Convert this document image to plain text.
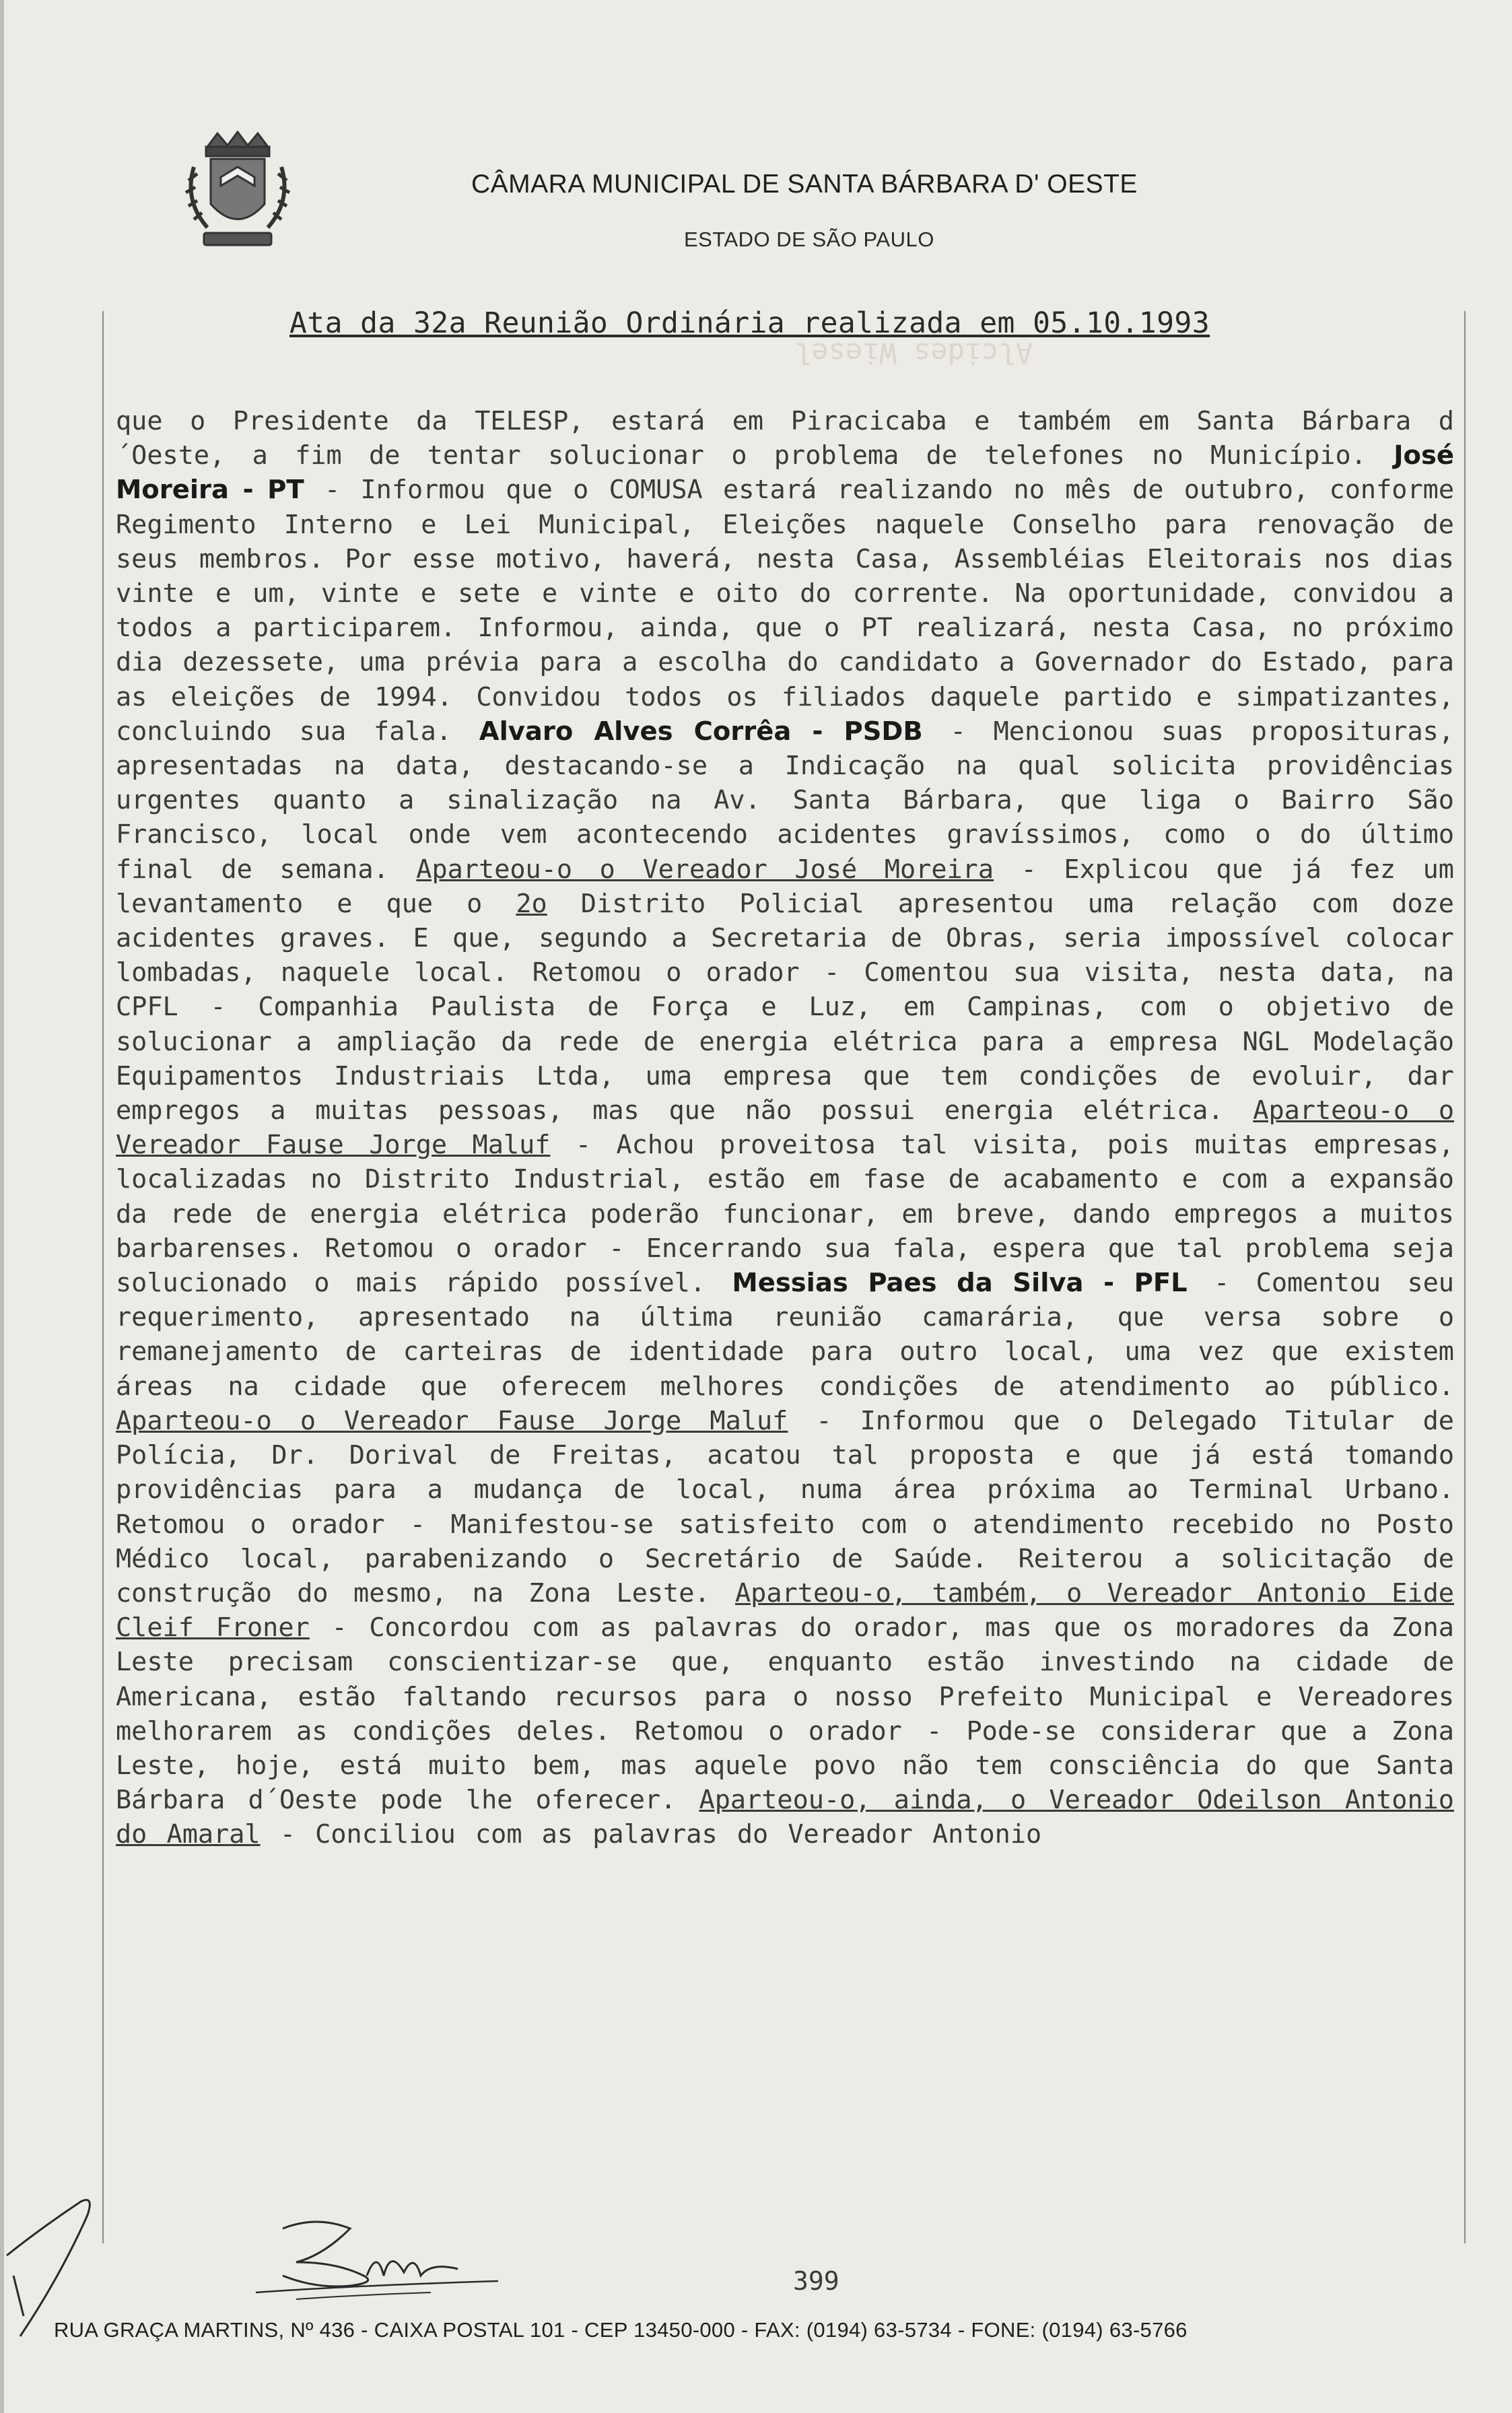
CÂMARA MUNICIPAL DE SANTA BÁRBARA D' OESTE
ESTADO DE SÃO PAULO
Alcides Wiesel
Ata da 32a Reunião Ordinária realizada em 05.10.1993
que o Presidente da TELESP, estará em Piracicaba e também em Santa Bárbara d´Oeste, a fim de tentar solucionar o problema de telefones no Município. José Moreira - PT - Informou que o COMUSA estará realizando no mês de outubro, conforme Regimento Interno e Lei Municipal, Eleições naquele Conselho para renovação de seus membros. Por esse motivo, haverá, nesta Casa, Assembléias Eleitorais nos dias vinte e um, vinte e sete e vinte e oito do corrente. Na oportunidade, convidou a todos a participarem. Informou, ainda, que o PT realizará, nesta Casa, no próximo dia dezessete, uma prévia para a escolha do candidato a Governador do Estado, para as eleições de 1994. Convidou todos os filiados daquele partido e simpatizantes, concluindo sua fala. Alvaro Alves Corrêa - PSDB - Mencionou suas proposituras, apresentadas na data, destacando-se a Indicação na qual solicita providências urgentes quanto a sinalização na Av. Santa Bárbara, que liga o Bairro São Francisco, local onde vem acontecendo acidentes gravíssimos, como o do último final de semana. Aparteou-o o Vereador José Moreira - Explicou que já fez um levantamento e que o 2o Distrito Policial apresentou uma relação com doze acidentes graves. E que, segundo a Secretaria de Obras, seria impossível colocar lombadas, naquele local. Retomou o orador - Comentou sua visita, nesta data, na CPFL - Companhia Paulista de Força e Luz, em Campinas, com o objetivo de solucionar a ampliação da rede de energia elétrica para a empresa NGL Modelação Equipamentos Industriais Ltda, uma empresa que tem condições de evoluir, dar empregos a muitas pessoas, mas que não possui energia elétrica. Aparteou-o o Vereador Fause Jorge Maluf - Achou proveitosa tal visita, pois muitas empresas, localizadas no Distrito Industrial, estão em fase de acabamento e com a expansão da rede de energia elétrica poderão funcionar, em breve, dando empregos a muitos barbarenses. Retomou o orador - Encerrando sua fala, espera que tal problema seja solucionado o mais rápido possível. Messias Paes da Silva - PFL - Comentou seu requerimento, apresentado na última reunião camarária, que versa sobre o remanejamento de carteiras de identidade para outro local, uma vez que existem áreas na cidade que oferecem melhores condições de atendimento ao público. Aparteou-o o Vereador Fause Jorge Maluf - Informou que o Delegado Titular de Polícia, Dr. Dorival de Freitas, acatou tal proposta e que já está tomando providências para a mudança de local, numa área próxima ao Terminal Urbano. Retomou o orador - Manifestou-se satisfeito com o atendimento recebido no Posto Médico local, parabenizando o Secretário de Saúde. Reiterou a solicitação de construção do mesmo, na Zona Leste. Aparteou-o, também, o Vereador Antonio Eide Cleif Froner - Concordou com as palavras do orador, mas que os moradores da Zona Leste precisam conscientizar-se que, enquanto estão investindo na cidade de Americana, estão faltando recursos para o nosso Prefeito Municipal e Vereadores melhorarem as condições deles. Retomou o orador - Pode-se considerar que a Zona Leste, hoje, está muito bem, mas aquele povo não tem consciência do que Santa Bárbara d´Oeste pode lhe oferecer. Aparteou-o, ainda, o Vereador Odeilson Antonio do Amaral - Conciliou com as palavras do Vereador Antonio
399
RUA GRAÇA MARTINS, Nº 436 - CAIXA POSTAL 101 - CEP 13450-000 - FAX: (0194) 63-5734 - FONE: (0194) 63-5766
